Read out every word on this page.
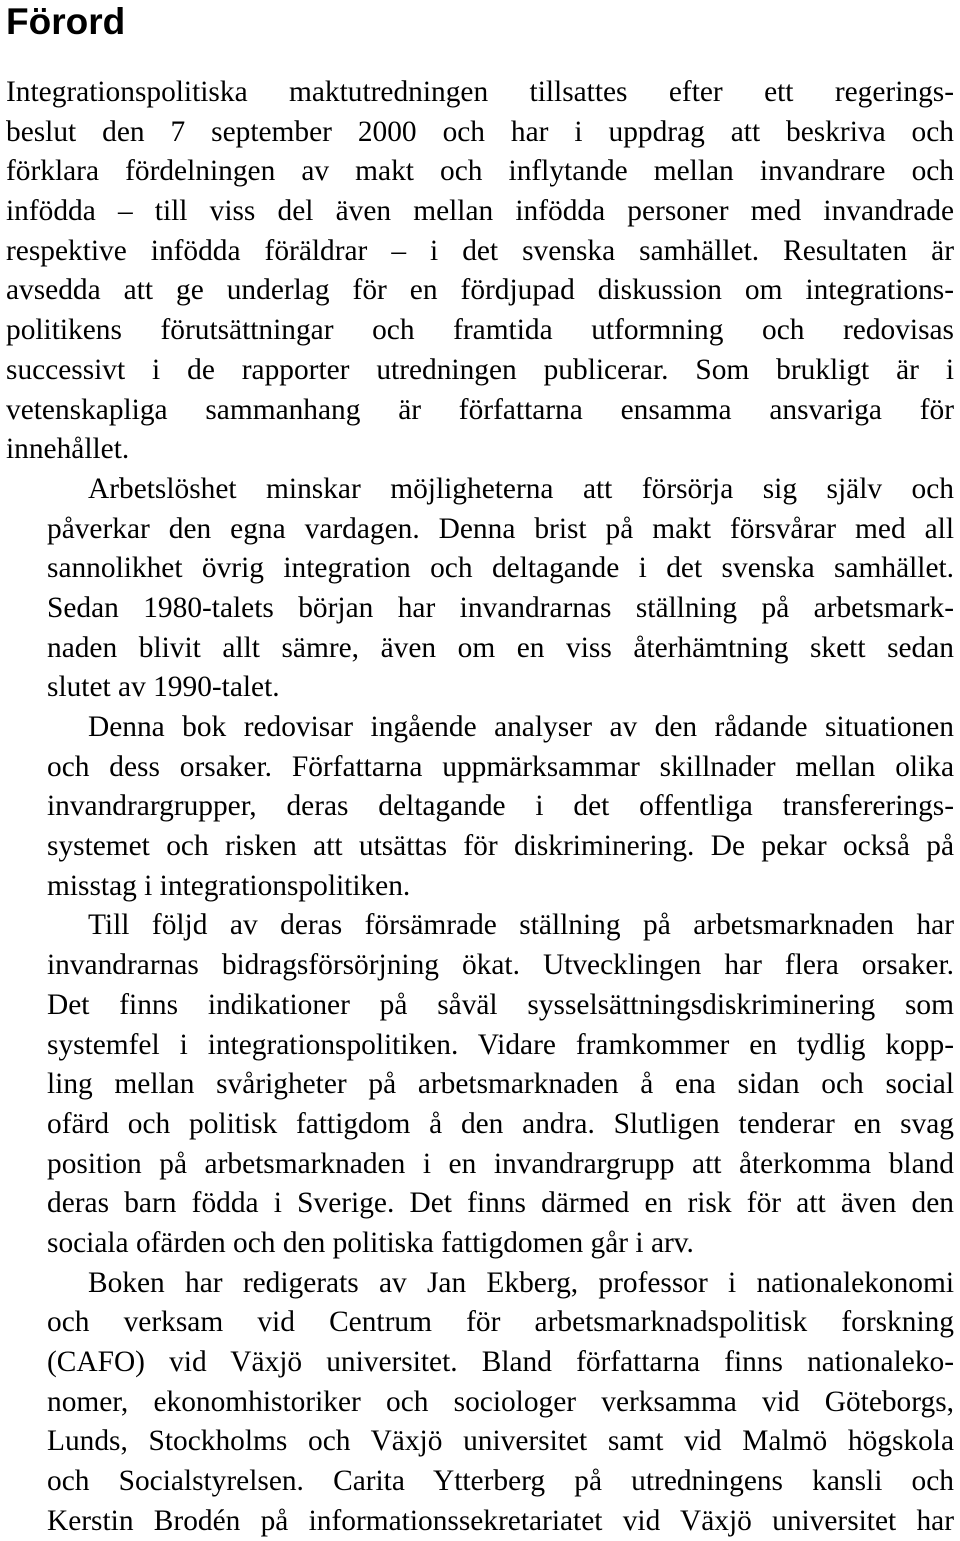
Förord
Integrationspolitiska maktutredningen tillsattes efter ett regerings-
beslut den 7 september 2000 och har i uppdrag att beskriva och
förklara fördelningen av makt och inflytande mellan invandrare och
infödda – till viss del även mellan infödda personer med invandrade
respektive infödda föräldrar – i det svenska samhället. Resultaten är
avsedda att ge underlag för en fördjupad diskussion om integrations-
politikens förutsättningar och framtida utformning och redovisas
successivt i de rapporter utredningen publicerar. Som brukligt är i
vetenskapliga sammanhang är författarna ensamma ansvariga för
innehållet.
Arbetslöshet minskar möjligheterna att försörja sig själv och
påverkar den egna vardagen. Denna brist på makt försvårar med all
sannolikhet övrig integration och deltagande i det svenska samhället.
Sedan 1980-talets början har invandrarnas ställning på arbetsmark-
naden blivit allt sämre, även om en viss återhämtning skett sedan
slutet av 1990-talet.
Denna bok redovisar ingående analyser av den rådande situationen
och dess orsaker. Författarna uppmärksammar skillnader mellan olika
invandrargrupper, deras deltagande i det offentliga transfererings-
systemet och risken att utsättas för diskriminering. De pekar också på
misstag i integrationspolitiken.
Till följd av deras försämrade ställning på arbetsmarknaden har
invandrarnas bidragsförsörjning ökat. Utvecklingen har flera orsaker.
Det finns indikationer på såväl sysselsättningsdiskriminering som
systemfel i integrationspolitiken. Vidare framkommer en tydlig kopp-
ling mellan svårigheter på arbetsmarknaden å ena sidan och social
ofärd och politisk fattigdom å den andra. Slutligen tenderar en svag
position på arbetsmarknaden i en invandrargrupp att återkomma bland
deras barn födda i Sverige. Det finns därmed en risk för att även den
sociala ofärden och den politiska fattigdomen går i arv.
Boken har redigerats av Jan Ekberg, professor i nationalekonomi
och verksam vid Centrum för arbetsmarknadspolitisk forskning
(CAFO) vid Växjö universitet. Bland författarna finns nationaleko-
nomer, ekonomhistoriker och sociologer verksamma vid Göteborgs,
Lunds, Stockholms och Växjö universitet samt vid Malmö högskola
och Socialstyrelsen. Carita Ytterberg på utredningens kansli och
Kerstin Brodén på informationssekretariatet vid Växjö universitet har
